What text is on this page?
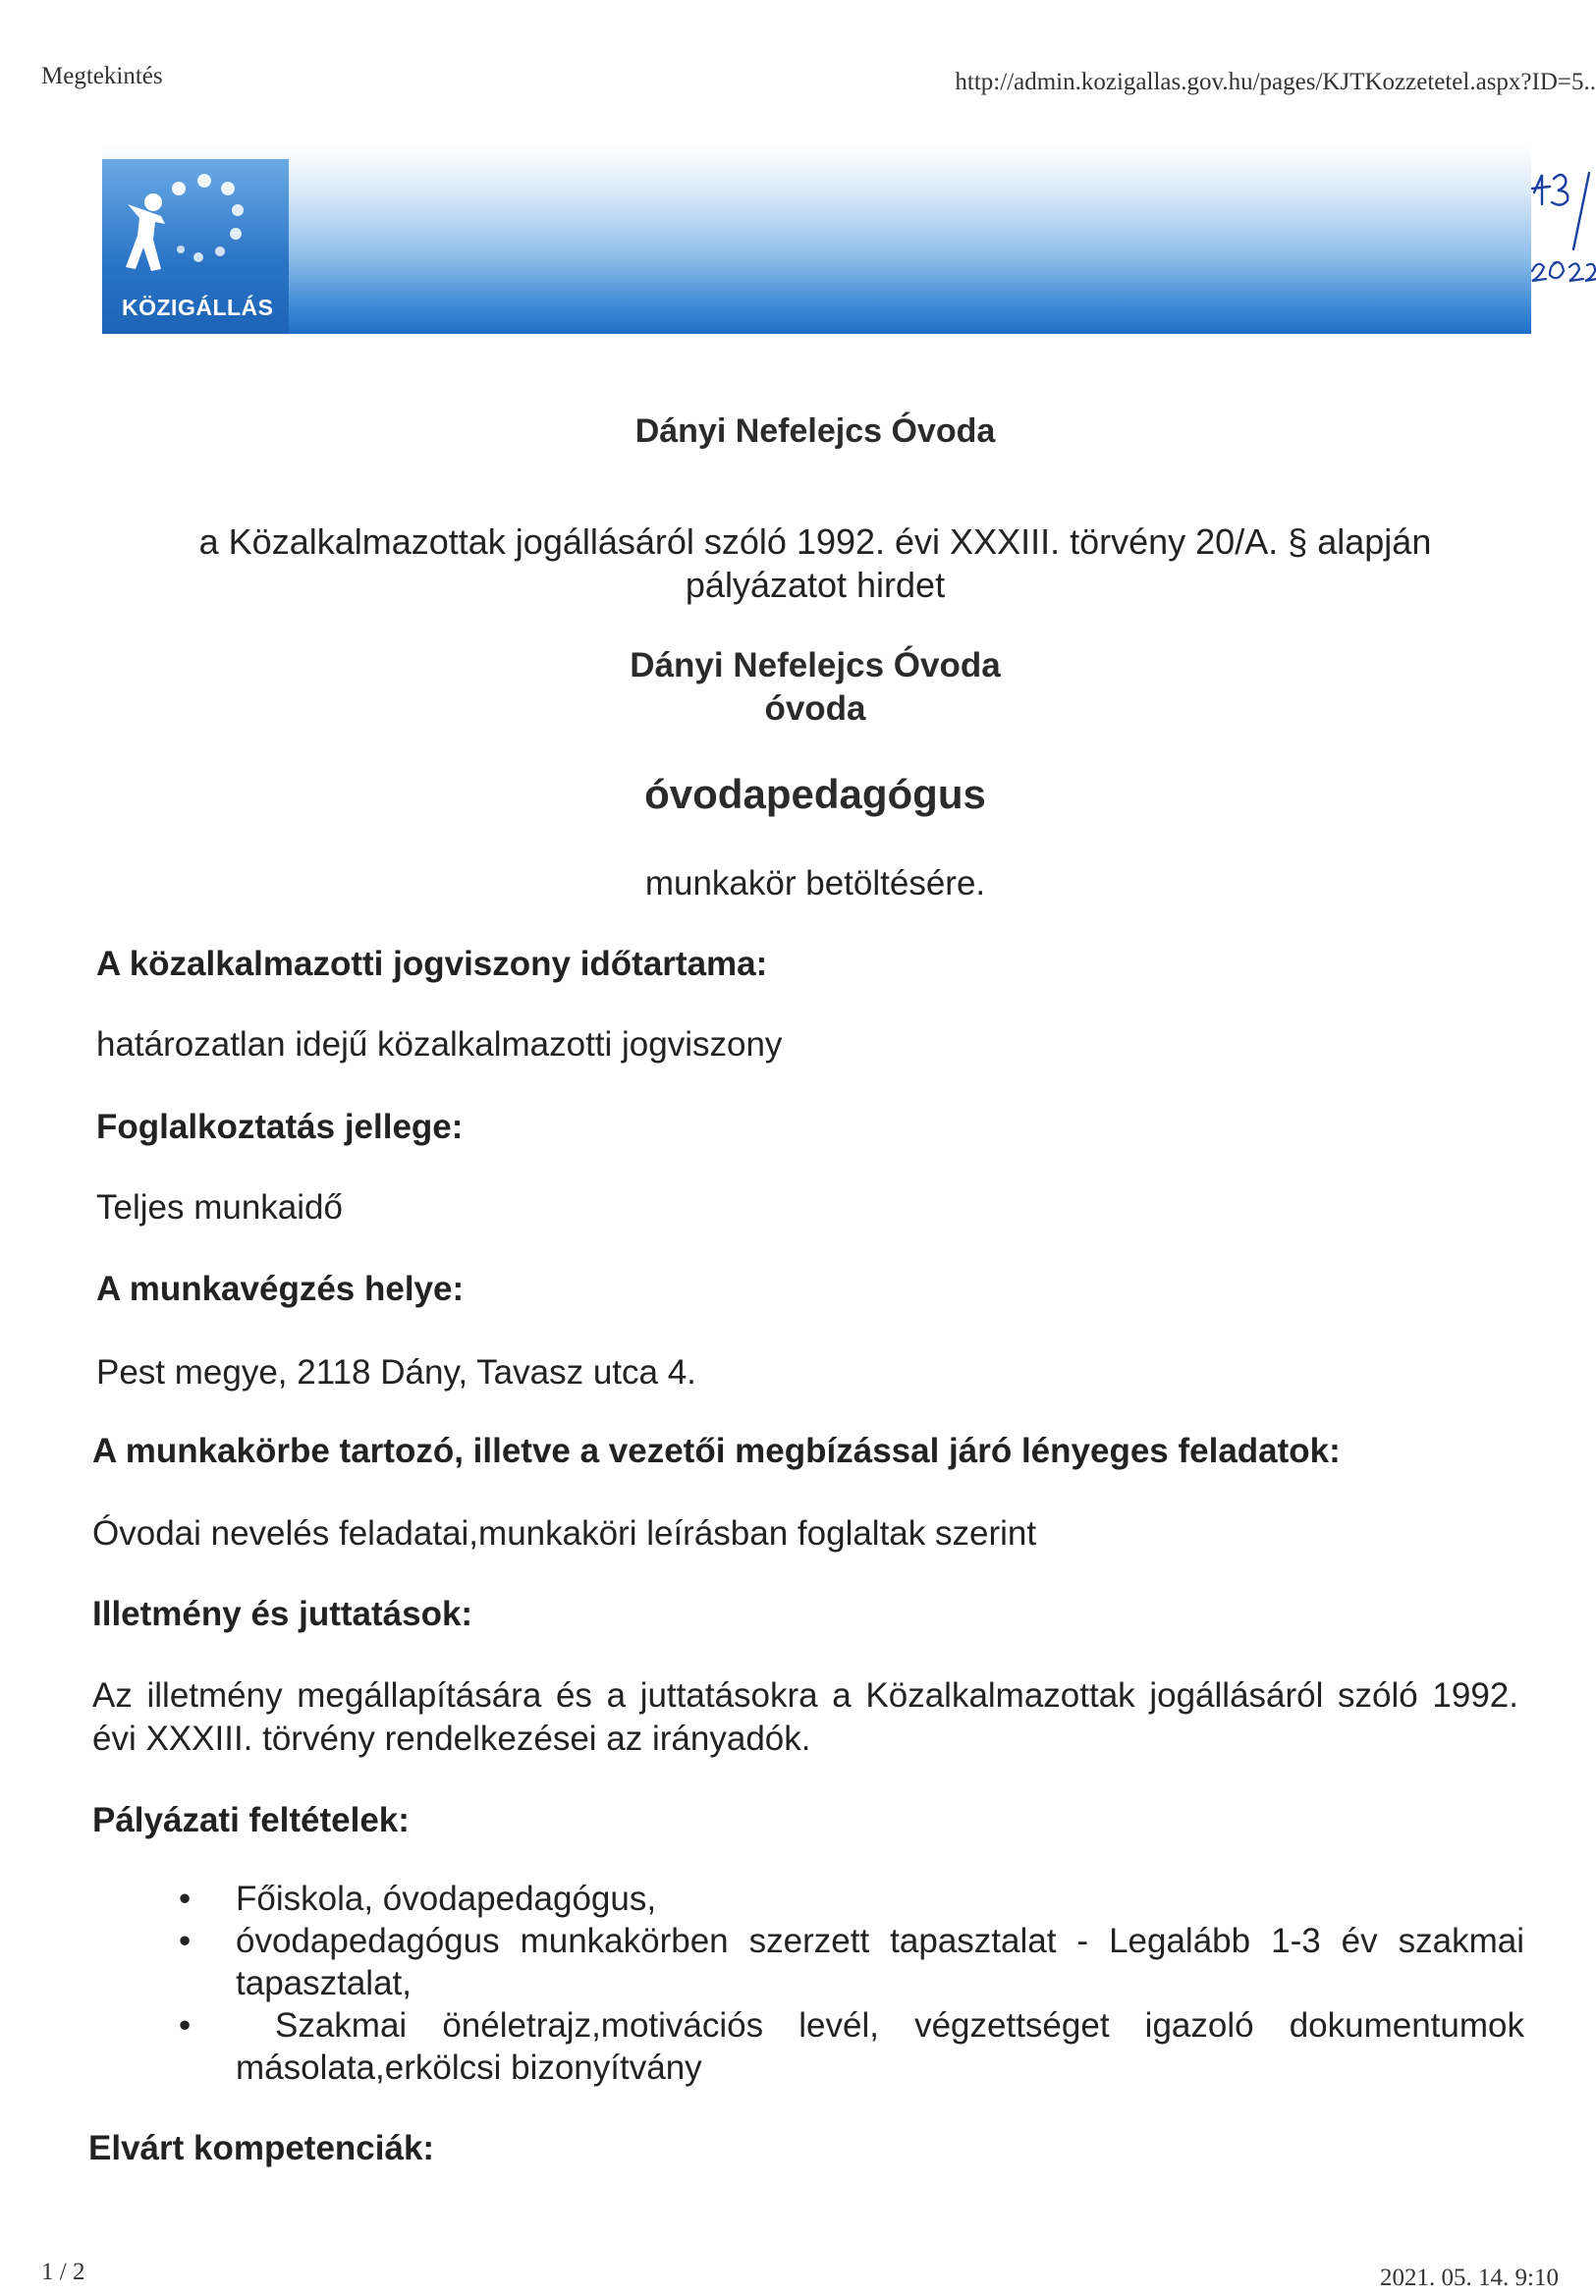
Megtekintés	http://admin.kozigallas.gov.hu/pages/KJTKozzetetel.aspx?ID=5..
KÖZIGÁLLÁS
Dányi Nefelejcs Óvoda
a Közalkalmazottak jogállásáról szóló 1992. évi XXXIII. törvény 20/A. § alapján
pályázatot hirdet
Dányi Nefelejcs Óvoda
óvoda
óvodapedagógus
munkakör betöltésére.
A közalkalmazotti jogviszony időtartama:
határozatlan idejű közalkalmazotti jogviszony
Foglalkoztatás jellege:
Teljes munkaidő
A munkavégzés helye:
Pest megye, 2118 Dány, Tavasz utca 4.
A munkakörbe tartozó, illetve a vezetői megbízással járó lényeges feladatok:
Óvodai nevelés feladatai,munkaköri leírásban foglaltak szerint
Illetmény és juttatások:
Az illetmény megállapítására és a juttatásokra a Közalkalmazottak jogállásáról szóló 1992. évi XXXIII. törvény rendelkezései az irányadók.
Pályázati feltételek:
• Főiskola, óvodapedagógus,
• óvodapedagógus munkakörben szerzett tapasztalat - Legalább 1-3 év szakmai tapasztalat,
• Szakmai önéletrajz,motivációs levél, végzettséget igazoló dokumentumok másolata,erkölcsi bizonyítvány
Elvárt kompetenciák:
1 / 2	2021. 05. 14. 9:10
